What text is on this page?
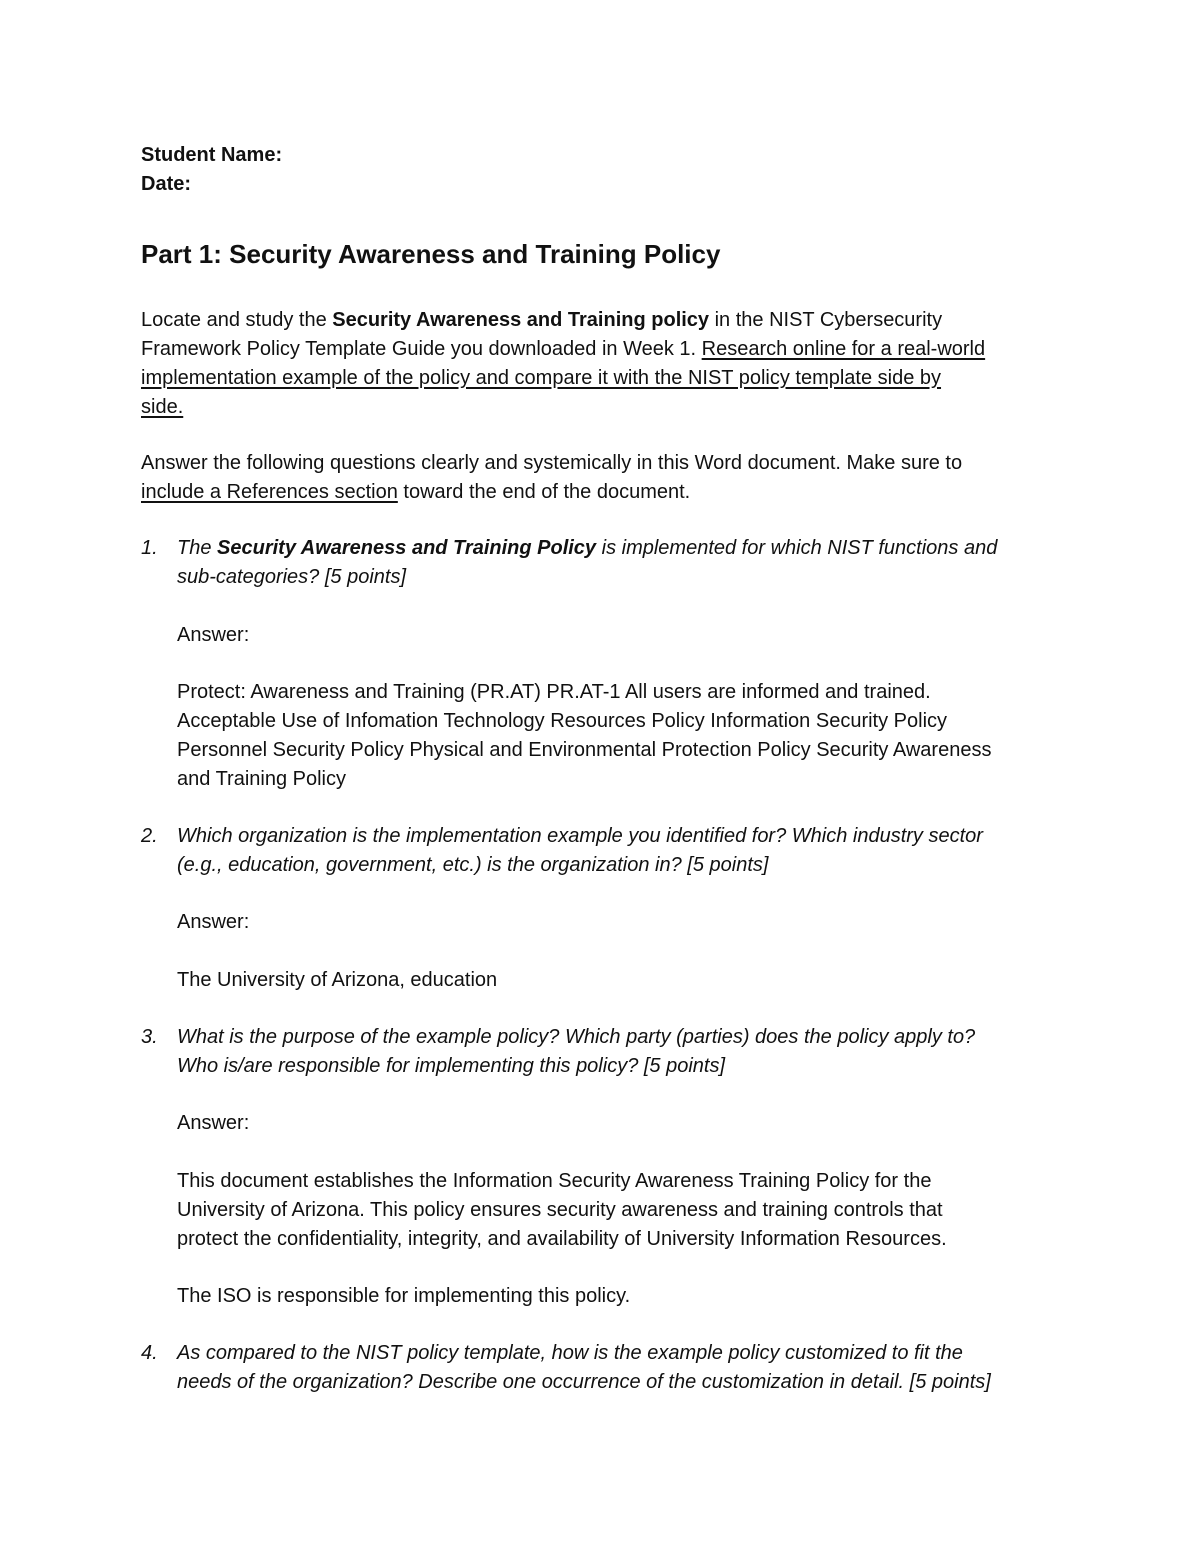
Student Name:
Date:
Part 1: Security Awareness and Training Policy
Locate and study the Security Awareness and Training policy in the NIST Cybersecurity
Framework Policy Template Guide you downloaded in Week 1. Research online for a real-world
implementation example of the policy and compare it with the NIST policy template side by
side.
Answer the following questions clearly and systemically in this Word document. Make sure to
include a References section toward the end of the document.
1. The Security Awareness and Training Policy is implemented for which NIST functions and
sub-categories? [5 points]
Answer:
Protect: Awareness and Training (PR.AT) PR.AT-1 All users are informed and trained.
Acceptable Use of Infomation Technology Resources Policy Information Security Policy
Personnel Security Policy Physical and Environmental Protection Policy Security Awareness
and Training Policy
2. Which organization is the implementation example you identified for? Which industry sector
(e.g., education, government, etc.) is the organization in? [5 points]
Answer:
The University of Arizona, education
3. What is the purpose of the example policy? Which party (parties) does the policy apply to?
Who is/are responsible for implementing this policy? [5 points]
Answer:
This document establishes the Information Security Awareness Training Policy for the
University of Arizona. This policy ensures security awareness and training controls that
protect the confidentiality, integrity, and availability of University Information Resources.
The ISO is responsible for implementing this policy.
4. As compared to the NIST policy template, how is the example policy customized to fit the
needs of the organization? Describe one occurrence of the customization in detail. [5 points]
